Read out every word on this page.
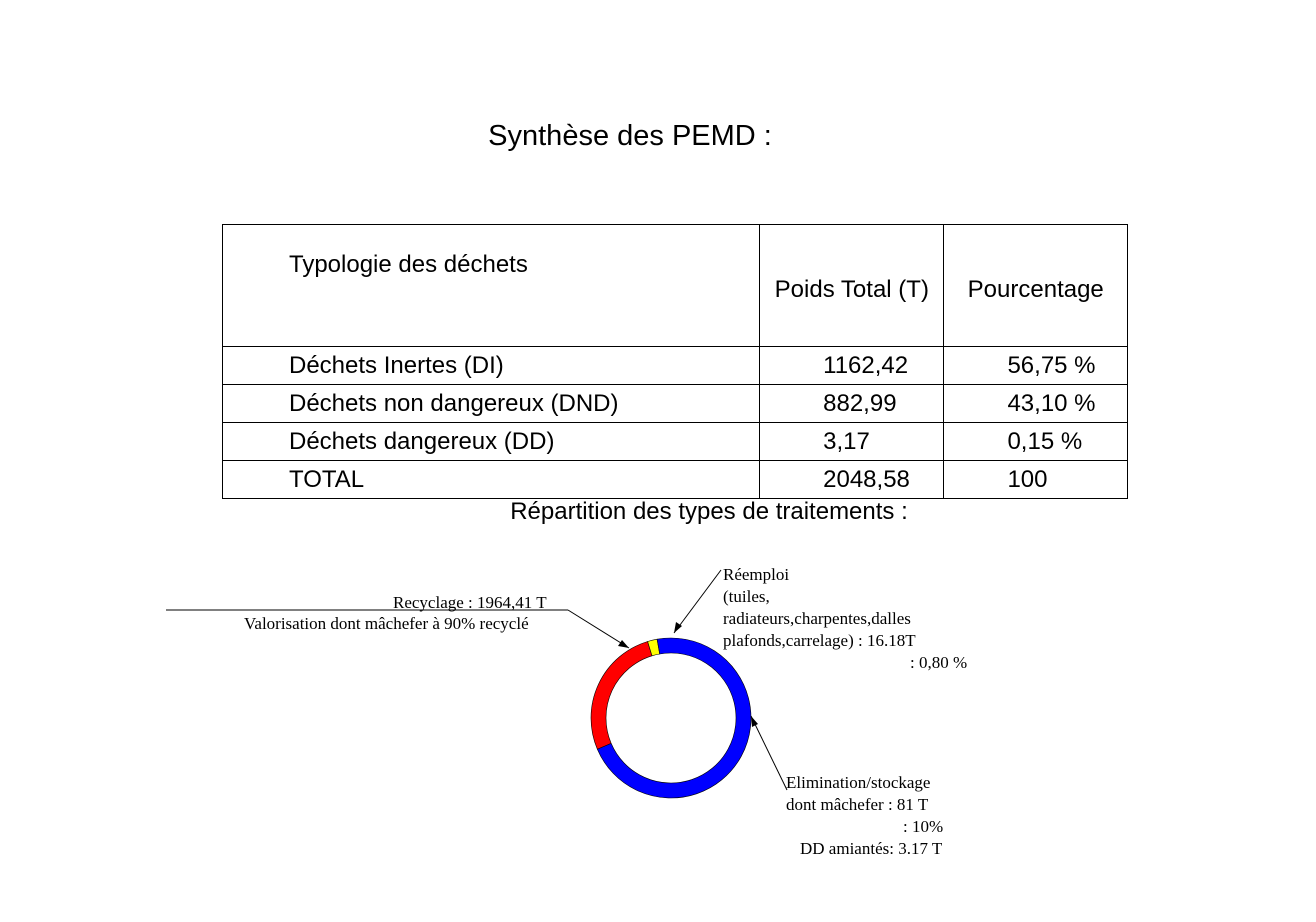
Synthèse des PEMD :
Typologie des déchets	Poids Total (T)	Pourcentage
Déchets Inertes (DI)	1162,42	56,75 %
Déchets non dangereux (DND)	882,99	43,10 %
Déchets dangereux (DD)	3,17	0,15 %
TOTAL	2048,58	100
Répartition des types de traitements :
Recyclage : 1964,41 T
Valorisation dont mâchefer à 90% recyclé
Réemploi
(tuiles,
radiateurs,charpentes,dalles
plafonds,carrelage) : 16.18T
: 0,80 %
Elimination/stockage
dont mâchefer : 81 T
: 10%
DD amiantés: 3.17 T
